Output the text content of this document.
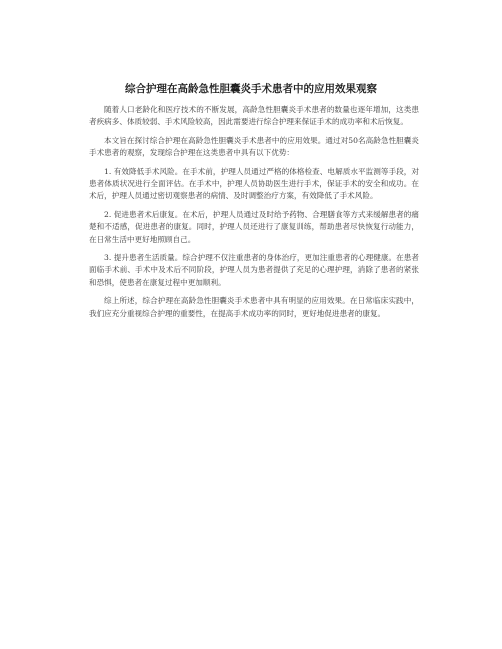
综合护理在高龄急性胆囊炎手术患者中的应用效果观察

随着人口老龄化和医疗技术的不断发展，高龄急性胆囊炎手术患者的数量也逐年增加，这类患者疾病多、体质较弱、手术风险较高，因此需要进行综合护理来保证手术的成功率和术后恢复。

本文旨在探讨综合护理在高龄急性胆囊炎手术患者中的应用效果。通过对50名高龄急性胆囊炎手术患者的观察，发现综合护理在这类患者中具有以下优势：

1. 有效降低手术风险。在手术前，护理人员通过严格的体格检查、电解质水平监测等手段，对患者体质状况进行全面评估。在手术中，护理人员协助医生进行手术，保证手术的安全和成功。在术后，护理人员通过密切观察患者的病情、及时调整治疗方案，有效降低了手术风险。

2. 促进患者术后康复。在术后，护理人员通过及时给予药物、合理膳食等方式来缓解患者的痛楚和不适感，促进患者的康复。同时，护理人员还进行了康复训练，帮助患者尽快恢复行动能力，在日常生活中更好地照顾自己。

3. 提升患者生活质量。综合护理不仅注重患者的身体治疗，更加注重患者的心理健康。在患者面临手术前、手术中及术后不同阶段，护理人员为患者提供了充足的心理护理，消除了患者的紧张和恐惧，使患者在康复过程中更加顺利。

综上所述，综合护理在高龄急性胆囊炎手术患者中具有明显的应用效果。在日常临床实践中，我们应充分重视综合护理的重要性，在提高手术成功率的同时，更好地促进患者的康复。
